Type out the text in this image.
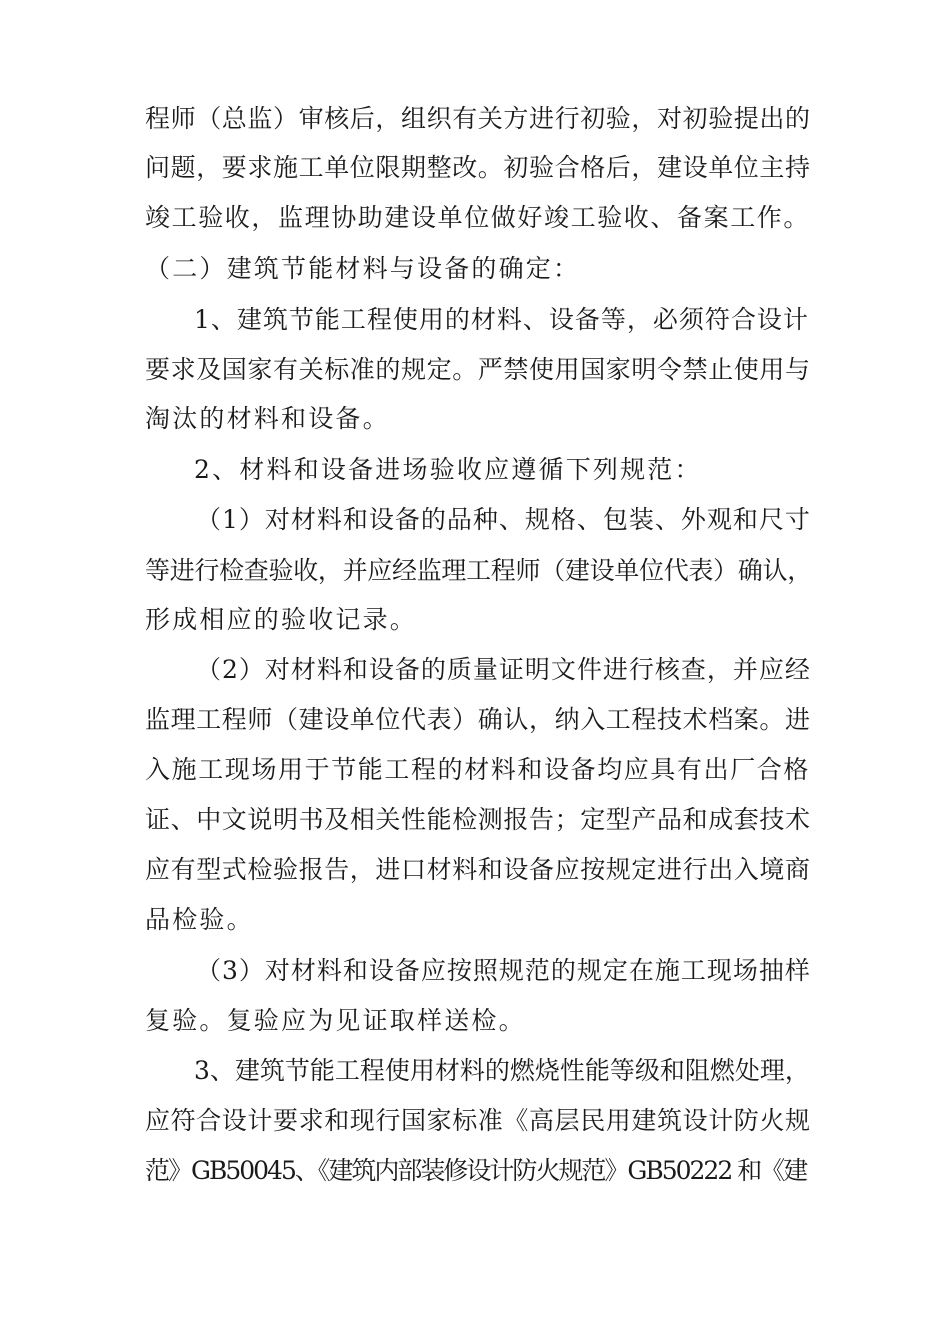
程师（总监）审核后，组织有关方进行初验，对初验提出的
问题，要求施工单位限期整改。初验合格后，建设单位主持
竣工验收，监理协助建设单位做好竣工验收、备案工作。
（二）建筑节能材料与设备的确定：
1、建筑节能工程使用的材料、设备等，必须符合设计
要求及国家有关标准的规定。严禁使用国家明令禁止使用与
淘汰的材料和设备。
2、材料和设备进场验收应遵循下列规范：
（1）对材料和设备的品种、规格、包装、外观和尺寸
等进行检查验收，并应经监理工程师（建设单位代表）确认，
形成相应的验收记录。
（2）对材料和设备的质量证明文件进行核查，并应经
监理工程师（建设单位代表）确认，纳入工程技术档案。进
入施工现场用于节能工程的材料和设备均应具有出厂合格
证、中文说明书及相关性能检测报告；定型产品和成套技术
应有型式检验报告，进口材料和设备应按规定进行出入境商
品检验。
（3）对材料和设备应按照规范的规定在施工现场抽样
复验。复验应为见证取样送检。
3、建筑节能工程使用材料的燃烧性能等级和阻燃处理，
应符合设计要求和现行国家标准《高层民用建筑设计防火规
范》GB50045、《建筑内部装修设计防火规范》GB50222 和《建
